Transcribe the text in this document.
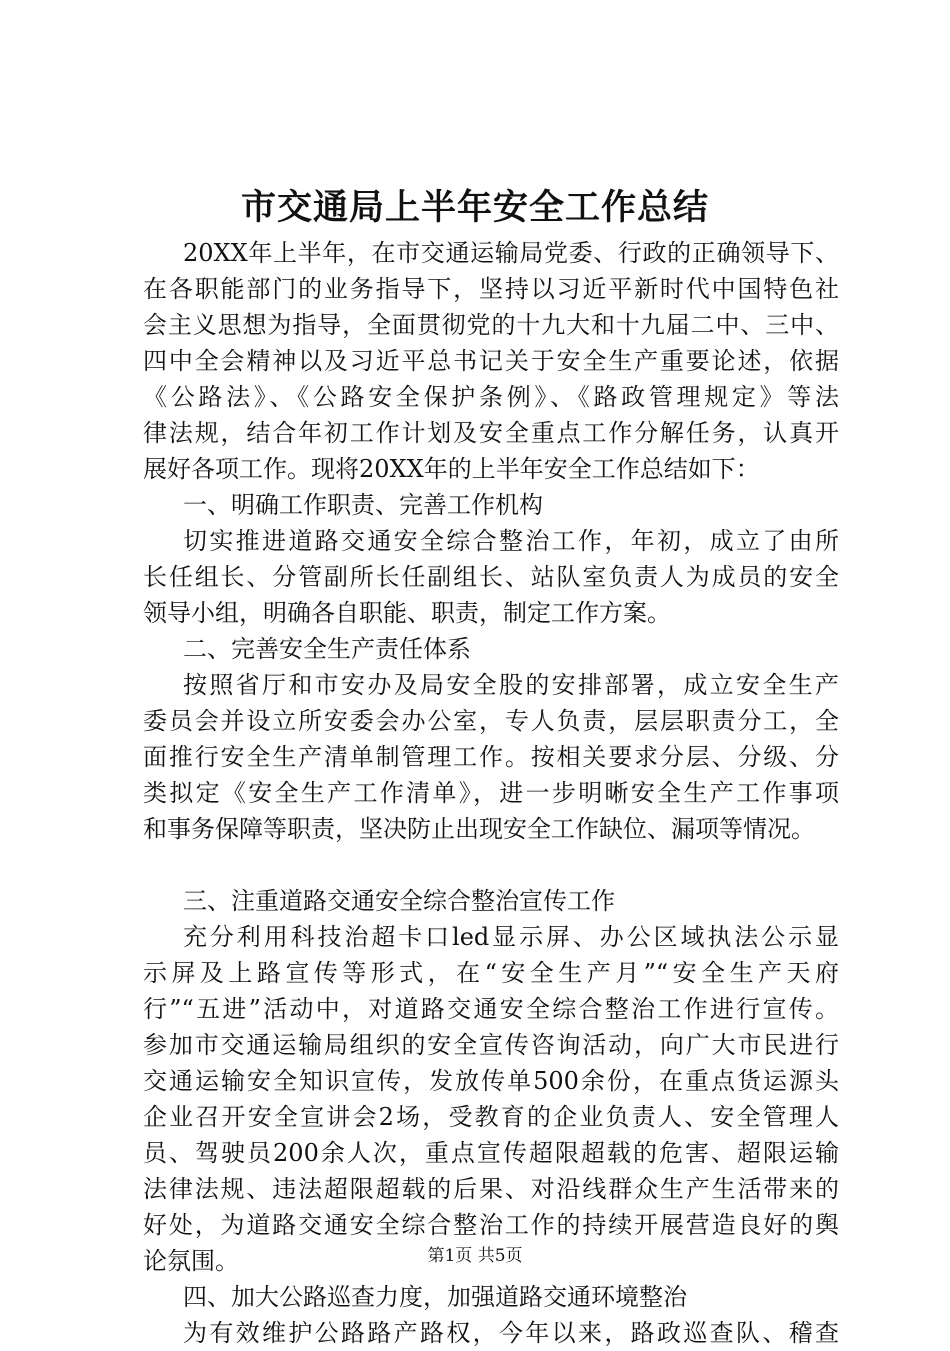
市交通局上半年安全工作总结
20XX年上半年，在市交通运输局党委、行政的正确领导下、
在各职能部门的业务指导下，坚持以习近平新时代中国特色社
会主义思想为指导，全面贯彻党的十九大和十九届二中、三中、
四中全会精神以及习近平总书记关于安全生产重要论述，依据
《公路法》、《公路安全保护条例》、《路政管理规定》等法
律法规，结合年初工作计划及安全重点工作分解任务，认真开
展好各项工作。现将20XX年的上半年安全工作总结如下：
一、明确工作职责、完善工作机构
切实推进道路交通安全综合整治工作，年初，成立了由所
长任组长、分管副所长任副组长、站队室负责人为成员的安全
领导小组，明确各自职能、职责，制定工作方案。
二、完善安全生产责任体系
按照省厅和市安办及局安全股的安排部署，成立安全生产
委员会并设立所安委会办公室，专人负责，层层职责分工，全
面推行安全生产清单制管理工作。按相关要求分层、分级、分
类拟定《安全生产工作清单》，进一步明晰安全生产工作事项
和事务保障等职责，坚决防止出现安全工作缺位、漏项等情况。
三、注重道路交通安全综合整治宣传工作
充分利用科技治超卡口led显示屏、办公区域执法公示显
示屏及上路宣传等形式，在“安全生产月”“安全生产天府
行”“五进”活动中，对道路交通安全综合整治工作进行宣传。
参加市交通运输局组织的安全宣传咨询活动，向广大市民进行
交通运输安全知识宣传，发放传单500余份，在重点货运源头
企业召开安全宣讲会2场，受教育的企业负责人、安全管理人
员、驾驶员200余人次，重点宣传超限超载的危害、超限运输
法律法规、违法超限超载的后果、对沿线群众生产生活带来的
好处，为道路交通安全综合整治工作的持续开展营造良好的舆
论氛围。
四、加大公路巡查力度，加强道路交通环境整治
为有效维护公路路产路权，今年以来，路政巡查队、稽查
第1页 共5页
